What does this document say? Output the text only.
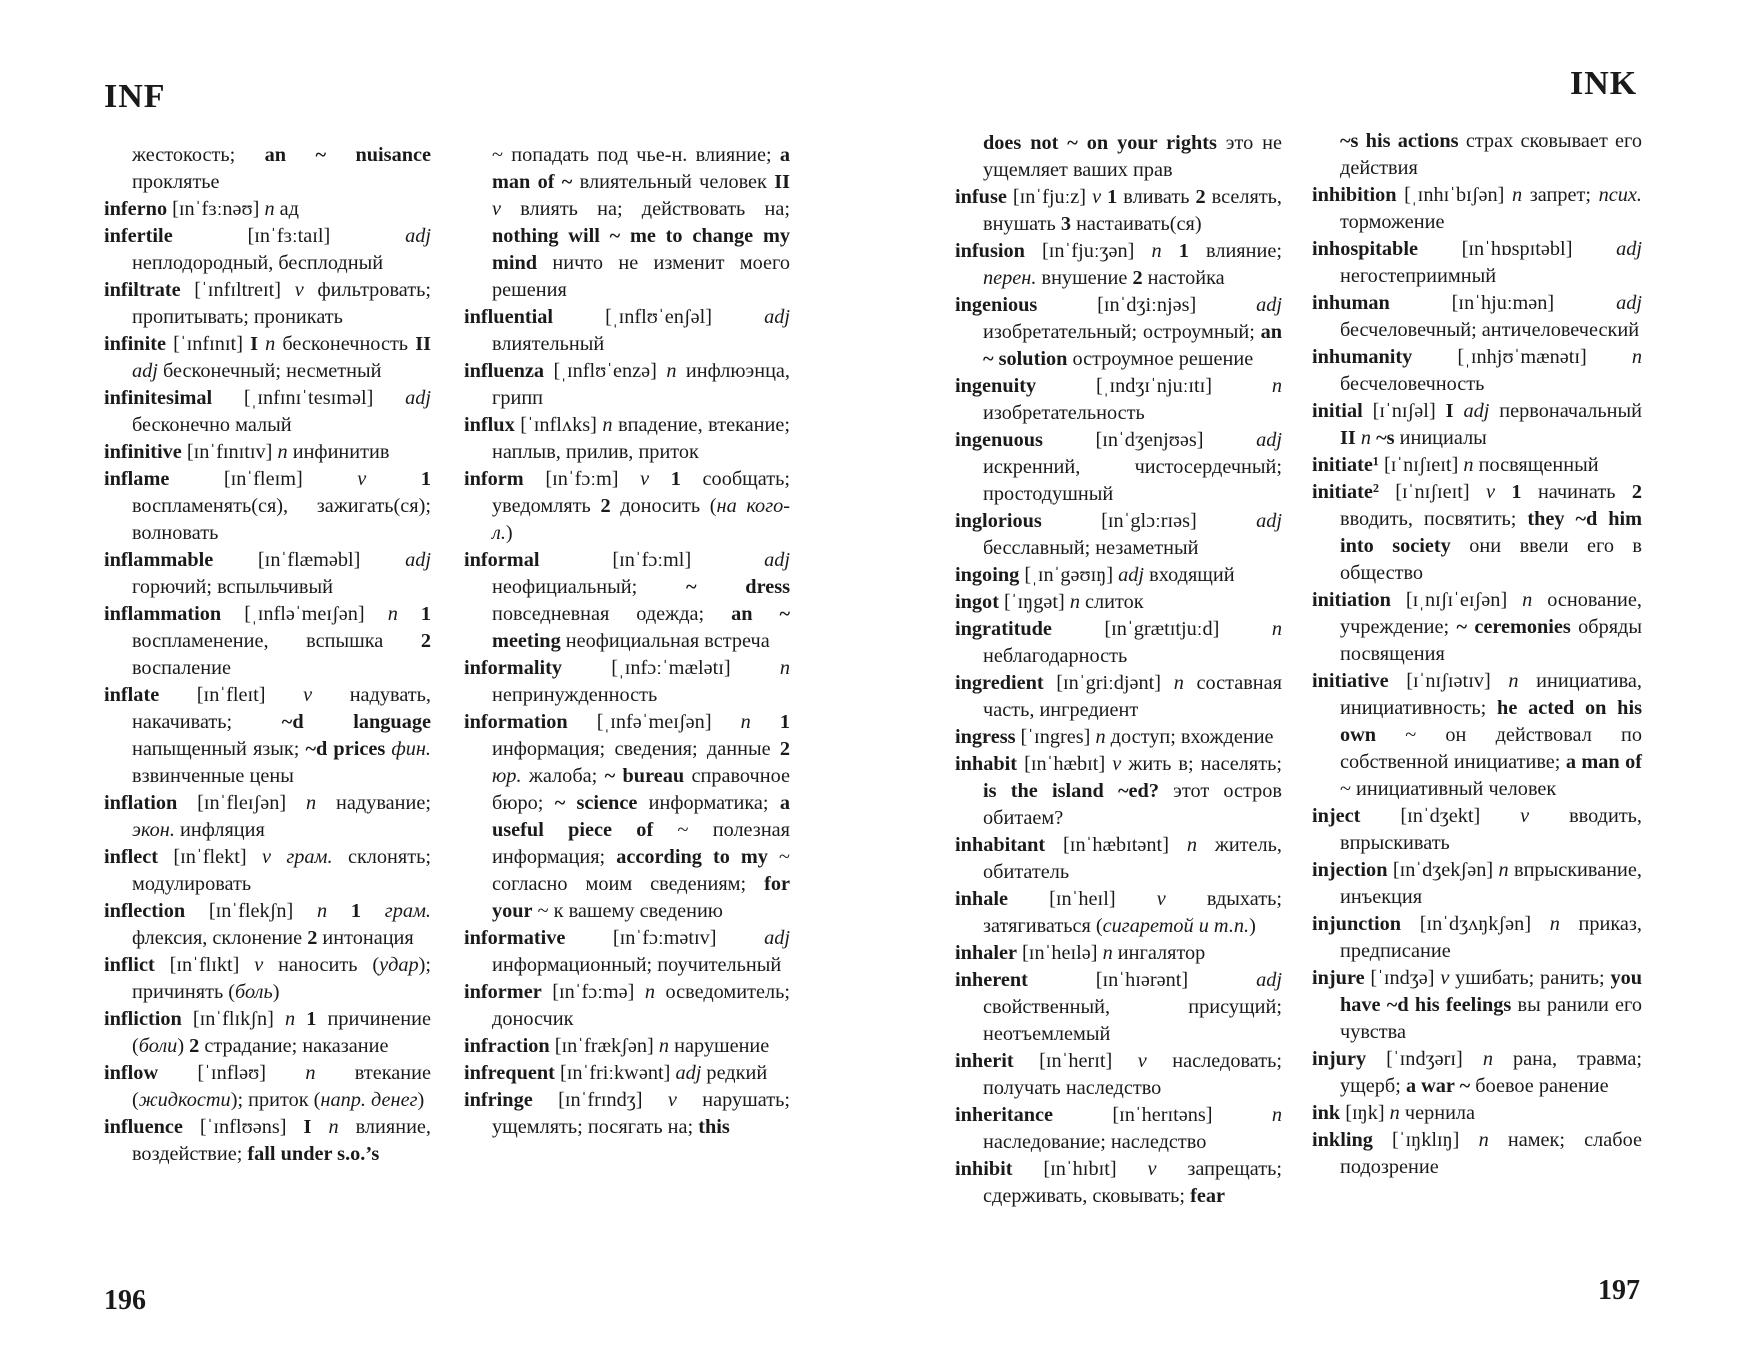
INF	INK

жестокость; an ~ nuisance проклятье

inferno [ɪnˈfɜːnəʊ] n ад

infertile [ɪnˈfɜːtaɪl] adj неплодородный, бесплодный

infiltrate [ˈɪnfɪltreɪt] v фильтровать; пропитывать; проникать

infinite [ˈɪnfɪnɪt] I n бесконечность II adj бесконечный; несметный

infinitesimal [ˌɪnfɪnɪˈtesɪməl] adj бесконечно малый

infinitive [ɪnˈfɪnɪtɪv] n инфинитив

inflame [ɪnˈfleɪm] v	1 воспламенять(ся), зажигать(ся); волновать

inflammable [ɪnˈflæməbl] adj горючий; вспыльчивый

inflammation [ˌɪnfləˈmeɪʃən] n 1 воспламенение, вспышка 2 воспаление

inflate [ɪnˈfleɪt] v надувать, накачивать; ~d language напыщенный язык; ~d prices фин. взвинченные цены

inflation [ɪnˈfleɪʃən] n надувание; экон. инфляция

inflect [ɪnˈflekt] v грам. склонять; модулировать

inflection [ɪnˈflekʃn] n 1 грам. флексия, склонение 2 интонация

inflict [ɪnˈflɪkt] v наносить (удар); причинять (боль)

infliction [ɪnˈflɪkʃn] n 1 причинение (боли) 2 страдание; наказание

inflow [ˈɪnfləʊ] n втекание (жидкости); приток (напр. денег)

influence [ˈɪnflʊəns] I n влияние, воздействие; fall under s.o.’s

~ попадать под чье-н. влияние; a man of ~ влиятельный человек II v влиять на; действовать на; nothing will ~ me to change my mind ничто не изменит моего решения

influential [ˌɪnflʊˈenʃəl] adj влиятельный

influenza [ˌɪnflʊˈenzə] n инфлюэнца, грипп

influx [ˈɪnflʌks] n впадение, втекание; наплыв, прилив, приток

inform [ɪnˈfɔːm] v 1 сообщать; уведомлять 2 доносить (на кого-л.)

informal [ɪnˈfɔːml] adj неофициальный; ~ dress повседневная одежда; an ~ meeting неофициальная встреча

informality [ˌɪnfɔːˈmælətɪ] n непринужденность

information [ˌɪnfəˈmeɪʃən] n 1 информация; сведения; данные 2 юр. жалоба; ~ bureau справочное бюро; ~ science информатика; a useful piece of ~ полезная информация; according to my ~ согласно моим сведениям; for your ~ к вашему сведению

informative [ɪnˈfɔːmətɪv] adj информационный; поучительный

informer [ɪnˈfɔːmə] n осведомитель; доносчик

infraction [ɪnˈfrækʃən] n нарушение

infrequent [ɪnˈfriːkwənt] adj редкий

infringe [ɪnˈfrɪndʒ] v нарушать; ущемлять; посягать на; this

does not ~ on your rights это не ущемляет ваших прав

infuse [ɪnˈfjuːz] v 1 вливать 2 вселять, внушать 3 настаивать(ся)

infusion [ɪnˈfjuːʒən] n 1 влияние; перен. внушение 2 настойка

ingenious [ɪnˈdʒiːnjəs] adj изобретательный; остроумный; an ~ solution остроумное решение

ingenuity [ˌɪndʒɪˈnjuːɪtɪ] n изобретательность

ingenuous [ɪnˈdʒenjʊəs] adj искренний, чистосердечный; простодушный

inglorious [ɪnˈglɔːrɪəs] adj бесславный; незаметный

ingoing [ˌɪnˈgəʊɪŋ] adj входящий

ingot [ˈɪŋgət] n слиток

ingratitude [ɪnˈgrætɪtjuːd] n неблагодарность

ingredient [ɪnˈgriːdjənt] n составная часть, ингредиент

ingress [ˈɪngres] n доступ; вхождение

inhabit [ɪnˈhæbɪt] v жить в; населять; is the island ~ed? этот остров обитаем?

inhabitant [ɪnˈhæbɪtənt] n житель, обитатель

inhale [ɪnˈheɪl] v вдыхать; затягиваться (сигаретой и т.п.)

inhaler [ɪnˈheɪlə] n ингалятор

inherent [ɪnˈhɪərənt] adj свойственный, присущий; неотъемлемый

inherit [ɪnˈherɪt] v наследовать; получать наследство

inheritance [ɪnˈherɪtəns] n наследование; наследство

inhibit [ɪnˈhɪbɪt] v запрещать; сдерживать, сковывать; fear

~s his actions страх сковывает его действия

inhibition [ˌɪnhɪˈbɪʃən] n запрет; псих. торможение

inhospitable [ɪnˈhɒspɪtəbl] adj негостеприимный

inhuman [ɪnˈhjuːmən] adj бесчеловечный; античеловеческий

inhumanity [ˌɪnhjʊˈmænətɪ] n бесчеловечность

initial [ɪˈnɪʃəl] I adj первоначальный II n ~s инициалы

initiate¹ [ɪˈnɪʃɪeɪt] n посвященный

initiate² [ɪˈnɪʃɪeɪt] v 1 начинать 2 вводить, посвятить; they ~d him into society они ввели его в общество

initiation [ɪˌnɪʃɪˈeɪʃən] n основание, учреждение; ~ ceremonies обряды посвящения

initiative [ɪˈnɪʃɪətɪv] n инициатива, инициативность; he acted on his own ~ он действовал по собственной инициативе; a man of ~ инициативный человек

inject [ɪnˈdʒekt] v вводить, впрыскивать

injection [ɪnˈdʒekʃən] n впрыскивание, инъекция

injunction [ɪnˈdʒʌŋkʃən] n приказ, предписание

injure [ˈɪndʒə] v ушибать; ранить; you have ~d his feelings вы ранили его чувства

injury [ˈɪndʒərɪ] n рана, травма; ущерб; a war ~ боевое ранение

ink [ɪŋk] n чернила

inkling [ˈɪŋklɪŋ] n намек; слабое подозрение

196	197
